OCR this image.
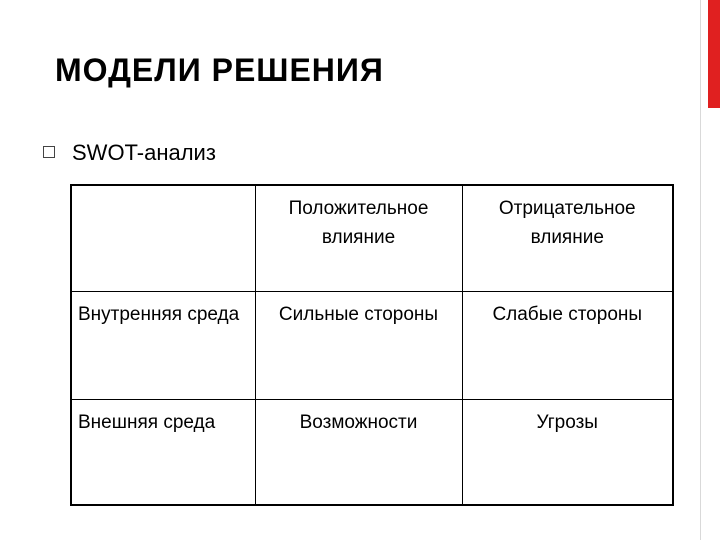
МОДЕЛИ РЕШЕНИЯ
SWOT-анализ
	Положительное влияние	Отрицательное влияние
Внутренняя среда	Сильные стороны	Слабые стороны
Внешняя среда	Возможности	Угрозы
